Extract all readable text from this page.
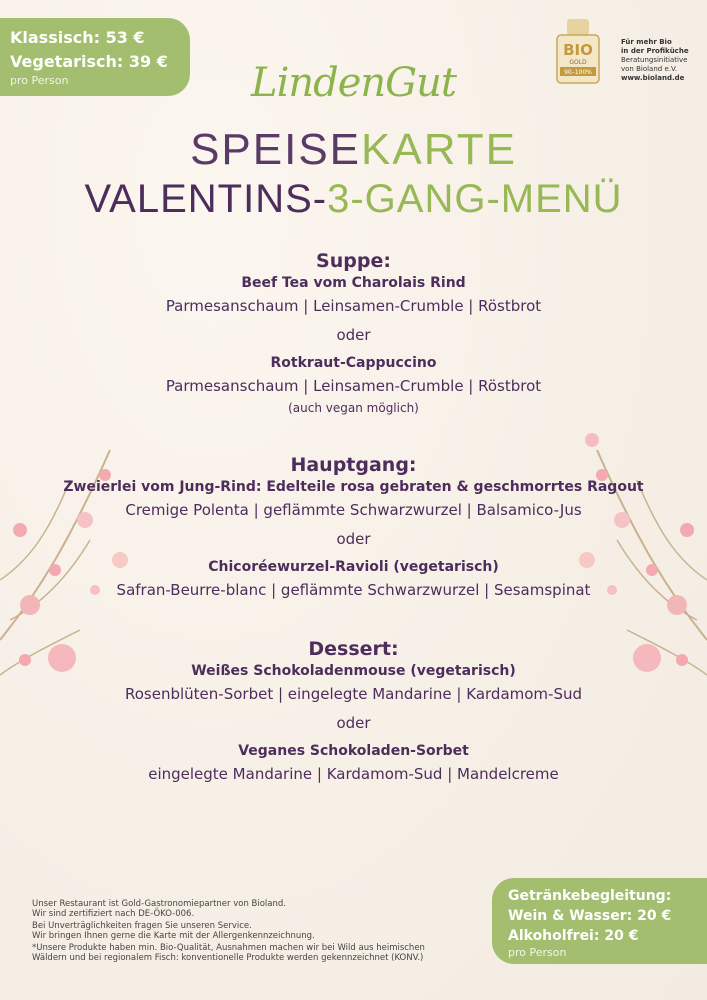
Klassisch: 53 €
Vegetarisch: 39 €
pro Person
BIO
GOLD
90–100%
Für mehr Bio
in der Profiküche
Beratungsinitiative
von Bioland e.V.
www.bioland.de
LindenGut
SPEISEKARTE
VALENTINS-3-GANG-MENÜ
Suppe:
Beef Tea vom Charolais Rind
Parmesanschaum | Leinsamen-Crumble | Röstbrot
oder
Rotkraut-Cappuccino
Parmesanschaum | Leinsamen-Crumble | Röstbrot
(auch vegan möglich)
Hauptgang:
Zweierlei vom Jung-Rind: Edelteile rosa gebraten & geschmorrtes Ragout
Cremige Polenta | geflämmte Schwarzwurzel | Balsamico-Jus
oder
Chicoréewurzel-Ravioli (vegetarisch)
Safran-Beurre-blanc | geflämmte Schwarzwurzel | Sesamspinat
Dessert:
Weißes Schokoladenmouse (vegetarisch)
Rosenblüten-Sorbet | eingelegte Mandarine | Kardamom-Sud
oder
Veganes Schokoladen-Sorbet
eingelegte Mandarine | Kardamom-Sud | Mandelcreme

Unser Restaurant ist Gold-Gastronomiepartner von Bioland.
Wir sind zertifiziert nach DE-ÖKO-006.

Bei Unverträglichkeiten fragen Sie unseren Service.
Wir bringen Ihnen gerne die Karte mit der Allergenkennzeichnung.

*Unsere Produkte haben min. Bio-Qualität, Ausnahmen machen wir bei Wild aus heimischen
Wäldern und bei regionalem Fisch: konventionelle Produkte werden gekennzeichnet (KONV.)

Getränkebegleitung:
Wein & Wasser: 20 €
Alkoholfrei: 20 €
pro Person
